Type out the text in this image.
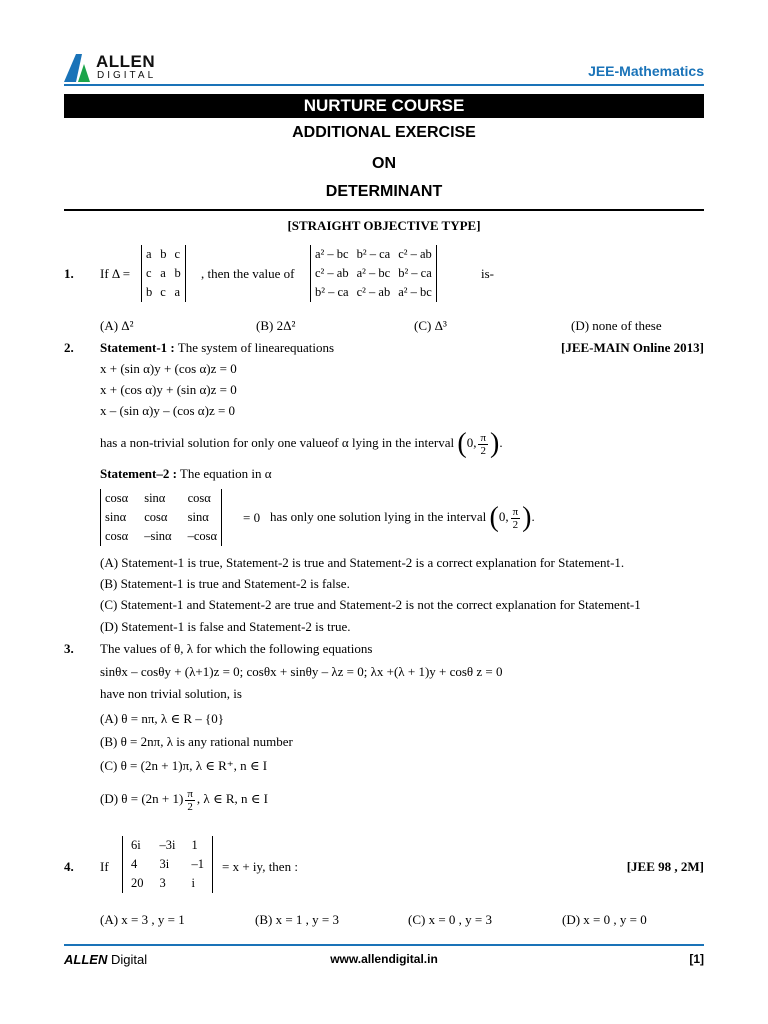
ALLEN
DIGITAL	JEE-Mathematics
NURTURE COURSE
ADDITIONAL EXERCISE
ON
DETERMINANT
[STRAIGHT OBJECTIVE TYPE]
1. If Δ =
a	b	c
c	a	b
b	c	a
, then the value of
a² – bc	b² – ca	c² – ab
c² – ab	a² – bc	b² – ca
b² – ca	c² – ab	a² – bc
is-
(A) Δ²	(B) 2Δ²	(C) Δ³	(D) none of these
2. Statement-1 : The system of linearequations	[JEE-MAIN Online 2013]
x + (sin α)y + (cos α)z = 0
x + (cos α)y + (sin α)z = 0
x – (sin α)y – (cos α)z = 0
has a non-trivial solution for only one valueof α lying in the interval (0, $\frac{\pi}{2}$ ).
Statement–2 : The equation in α
cosα	sinα	cosα
sinα	cosα	sinα
cosα	–sinα	–cosα
= 0 has only one solution lying in the interval (0, $\frac{\pi}{2}$ ).
(A) Statement-1 is true, Statement-2 is true and Statement-2 is a correct explanation for Statement-1.
(B) Statement-1 is true and Statement-2 is false.
(C) Statement-1 and Statement-2 are true and Statement-2 is not the correct explanation for Statement-1
(D) Statement-1 is false and Statement-2 is true.
3. The values of θ, λ for which the following equations
sinθx – cosθy + (λ+1)z = 0; cosθx + sinθy – λz = 0; λx +(λ + 1)y + cosθ z = 0
have non trivial solution, is
(A) θ = nπ, λ ∈ R – {0}
(B) θ = 2nπ, λ is any rational number
(C) θ = (2n + 1)π, λ ∈ R⁺, n ∈ I
(D) $\theta = (2n + 1) \frac{\pi}{2}$ , λ ∈ R, n ∈ I
4. If
6i	–3i	1
4	3i	–1
20	3	i
= x + iy, then :	[JEE 98 , 2M]
(A) x = 3 , y = 1	(B) x = 1 , y = 3	(C) x = 0 , y = 3	(D) x = 0 , y = 0
ALLEN Digital	www.allendigital.in	[1]
